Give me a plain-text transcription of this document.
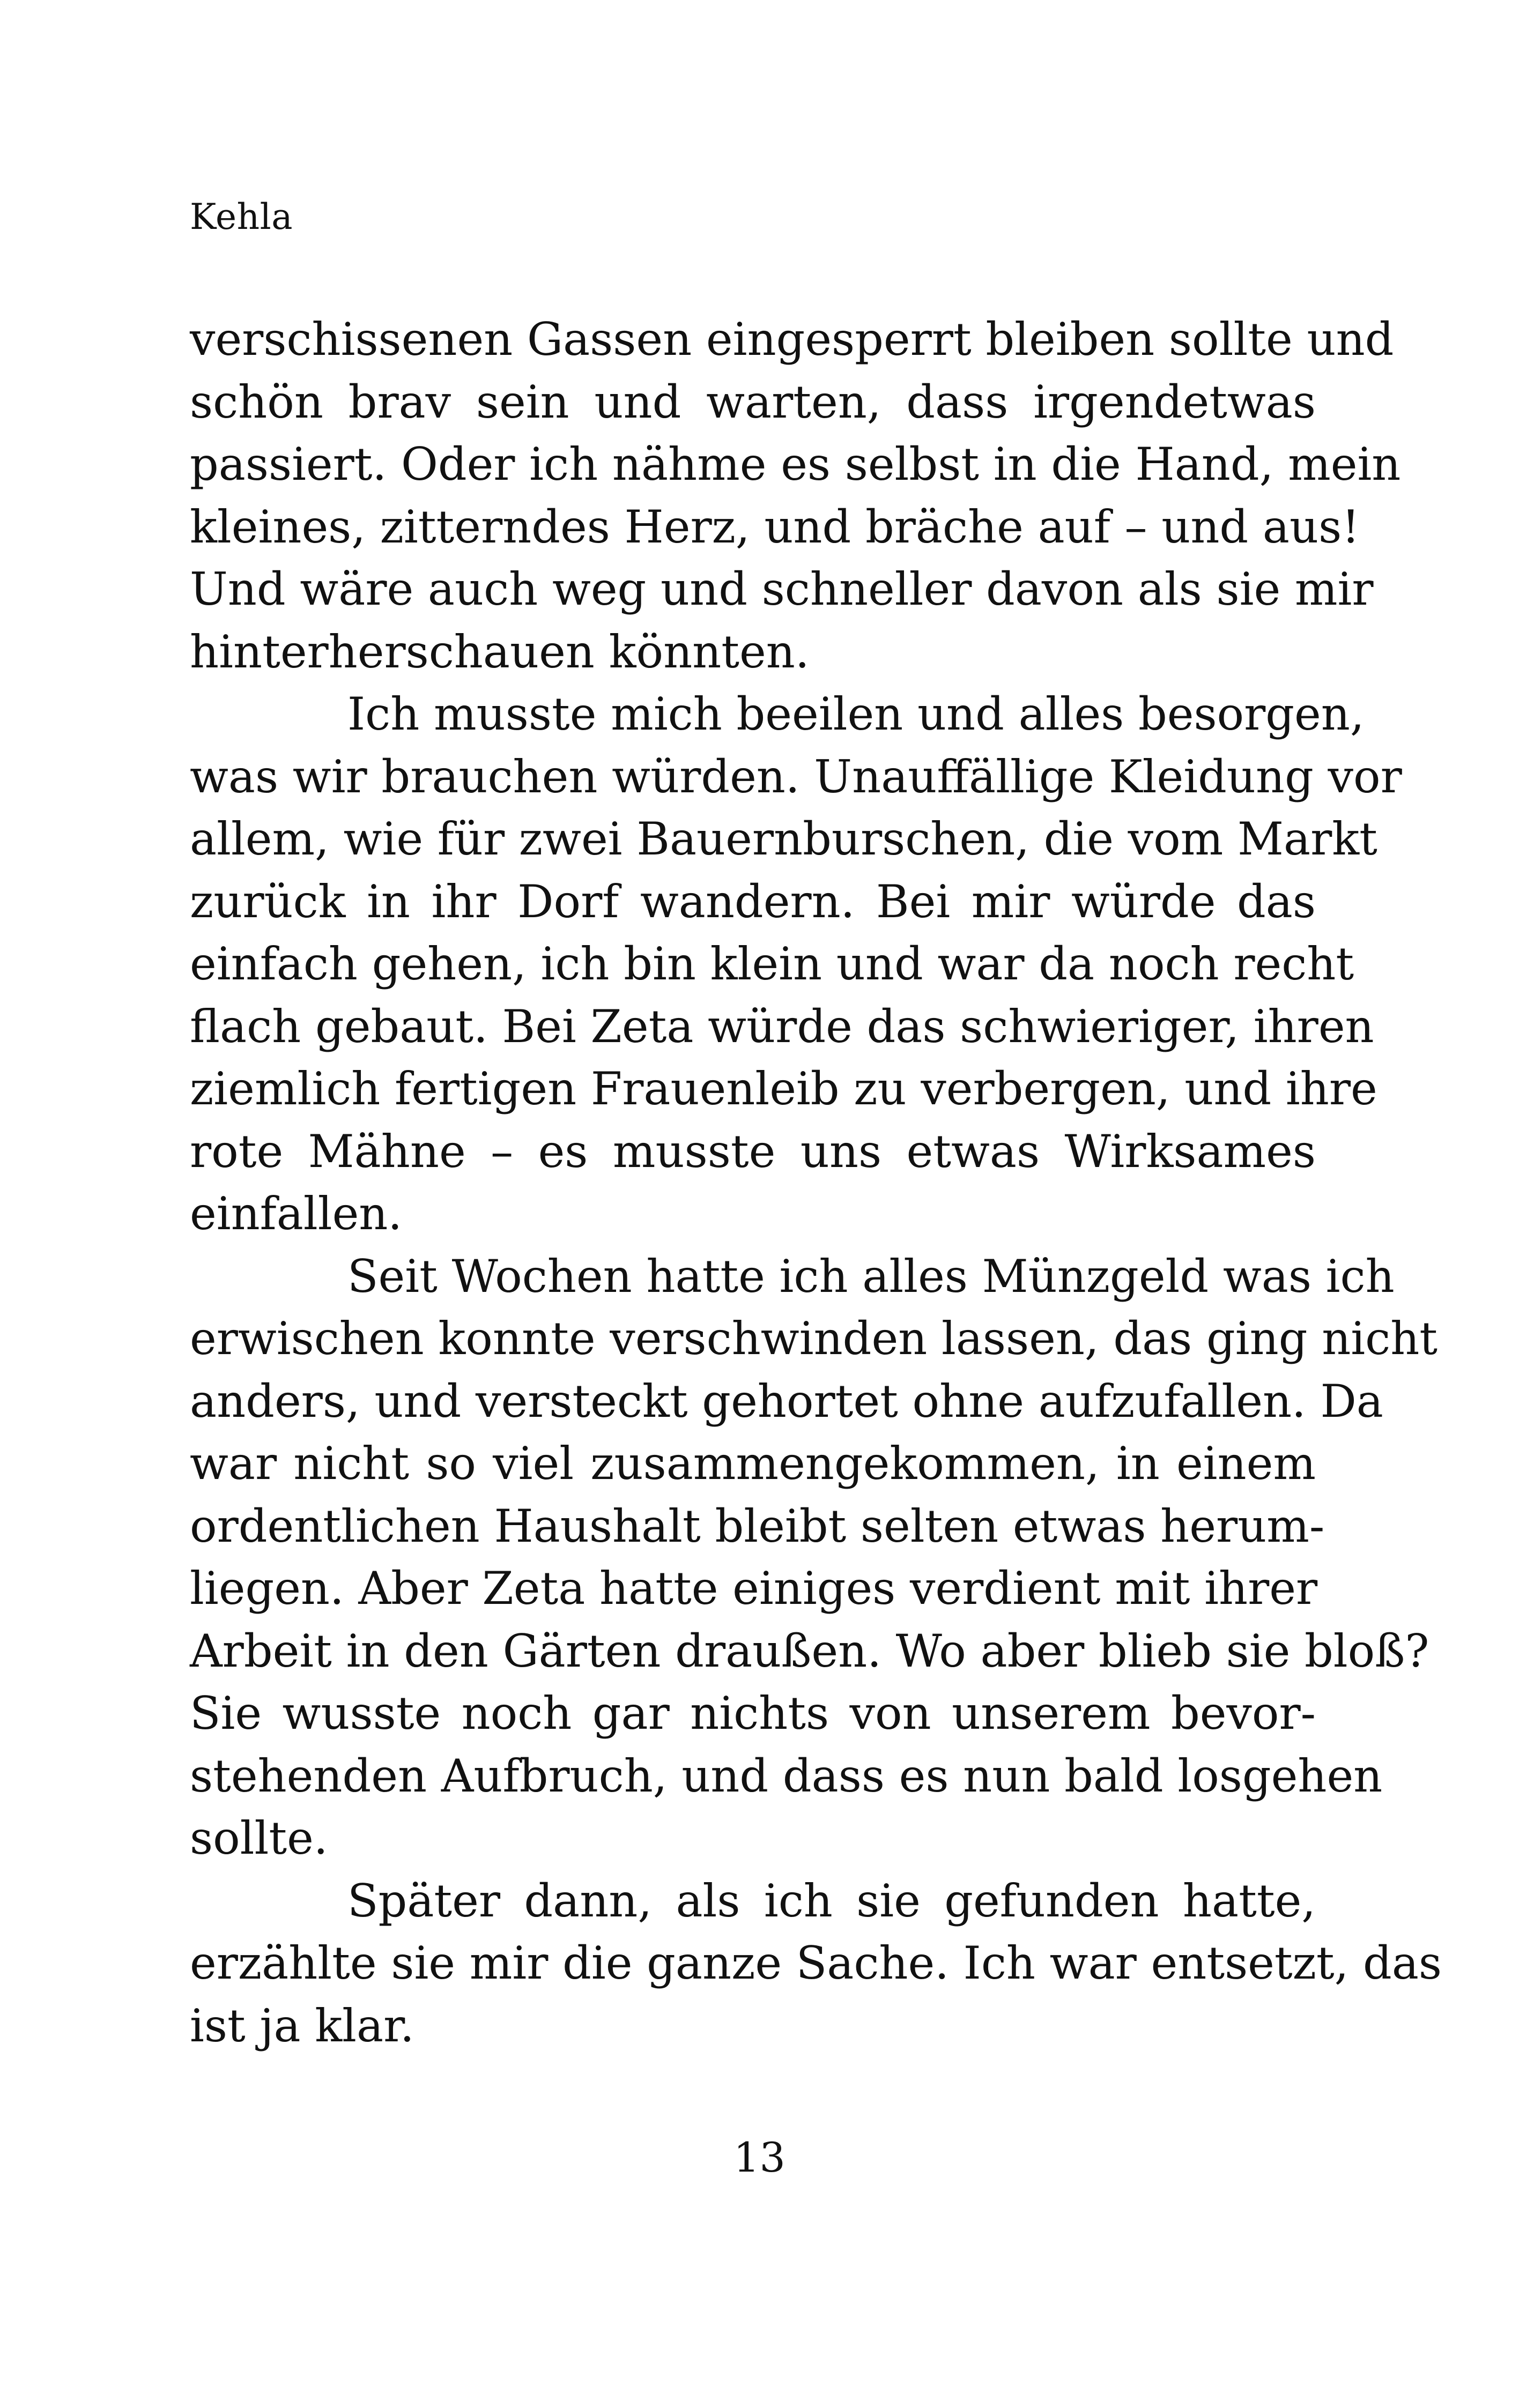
Kehla
verschissenen Gassen eingesperrt bleiben sollte und
schön brav sein und warten, dass irgendetwas
passiert. Oder ich nähme es selbst in die Hand, mein
kleines, zitterndes Herz, und bräche auf – und aus!
Und wäre auch weg und schneller davon als sie mir
hinterherschauen könnten.
Ich musste mich beeilen und alles besorgen,
was wir brauchen würden. Unauffällige Kleidung vor
allem, wie für zwei Bauernburschen, die vom Markt
zurück in ihr Dorf wandern. Bei mir würde das
einfach gehen, ich bin klein und war da noch recht
flach gebaut. Bei Zeta würde das schwieriger, ihren
ziemlich fertigen Frauenleib zu verbergen, und ihre
rote Mähne – es musste uns etwas Wirksames
einfallen.
Seit Wochen hatte ich alles Münzgeld was ich
erwischen konnte verschwinden lassen, das ging nicht
anders, und versteckt gehortet ohne aufzufallen. Da
war nicht so viel zusammengekommen, in einem
ordentlichen Haushalt bleibt selten etwas herum-
liegen. Aber Zeta hatte einiges verdient mit ihrer
Arbeit in den Gärten draußen. Wo aber blieb sie bloß?
Sie wusste noch gar nichts von unserem bevor-
stehenden Aufbruch, und dass es nun bald losgehen
sollte.
Später dann, als ich sie gefunden hatte,
erzählte sie mir die ganze Sache. Ich war entsetzt, das
ist ja klar.
13
